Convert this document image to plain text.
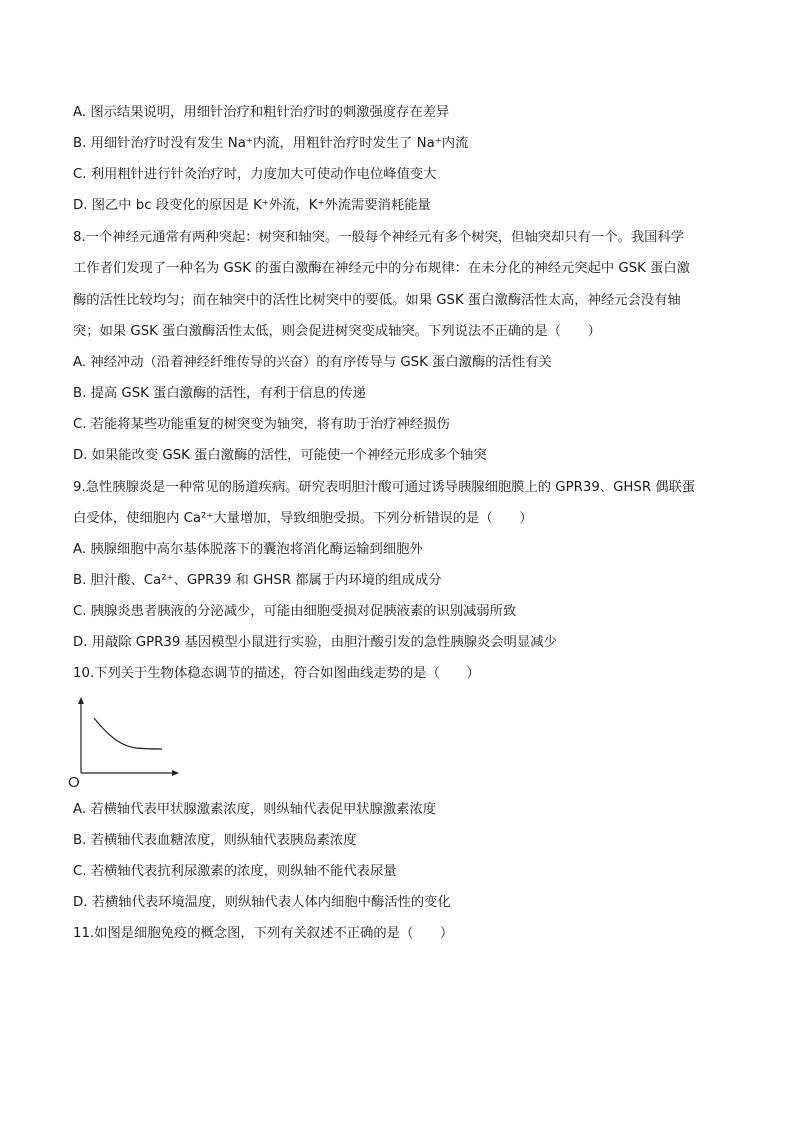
A. 图示结果说明，用细针治疗和粗针治疗时的刺激强度存在差异
B. 用细针治疗时没有发生 Na⁺内流，用粗针治疗时发生了 Na⁺内流
C. 利用粗针进行针灸治疗时，力度加大可使动作电位峰值变大
D. 图乙中 bc 段变化的原因是 K⁺外流，K⁺外流需要消耗能量
8.一个神经元通常有两种突起：树突和轴突。一般每个神经元有多个树突，但轴突却只有一个。我国科学
工作者们发现了一种名为 GSK 的蛋白激酶在神经元中的分布规律：在未分化的神经元突起中 GSK 蛋白激
酶的活性比较均匀；而在轴突中的活性比树突中的要低。如果 GSK 蛋白激酶活性太高，神经元会没有轴
突；如果 GSK 蛋白激酶活性太低，则会促进树突变成轴突。下列说法不正确的是（　　）
A. 神经冲动（沿着神经纤维传导的兴奋）的有序传导与 GSK 蛋白激酶的活性有关
B. 提高 GSK 蛋白激酶的活性，有利于信息的传递
C. 若能将某些功能重复的树突变为轴突，将有助于治疗神经损伤
D. 如果能改变 GSK 蛋白激酶的活性，可能使一个神经元形成多个轴突
9.急性胰腺炎是一种常见的肠道疾病。研究表明胆汁酸可通过诱导胰腺细胞膜上的 GPR39、GHSR 偶联蛋
白受体，使细胞内 Ca²⁺大量增加，导致细胞受损。下列分析错误的是（　　）
A. 胰腺细胞中高尔基体脱落下的囊泡将消化酶运输到细胞外
B. 胆汁酸、Ca²⁺、GPR39 和 GHSR 都属于内环境的组成成分
C. 胰腺炎患者胰液的分泌减少，可能由细胞受损对促胰液素的识别减弱所致
D. 用敲除 GPR39 基因模型小鼠进行实验，由胆汁酸引发的急性胰腺炎会明显减少
10.下列关于生物体稳态调节的描述，符合如图曲线走势的是（　　）
O
A. 若横轴代表甲状腺激素浓度，则纵轴代表促甲状腺激素浓度
B. 若横轴代表血糖浓度，则纵轴代表胰岛素浓度
C. 若横轴代表抗利尿激素的浓度，则纵轴不能代表尿量
D. 若横轴代表环境温度，则纵轴代表人体内细胞中酶活性的变化
11.如图是细胞免疫的概念图，下列有关叙述不正确的是（　　）
